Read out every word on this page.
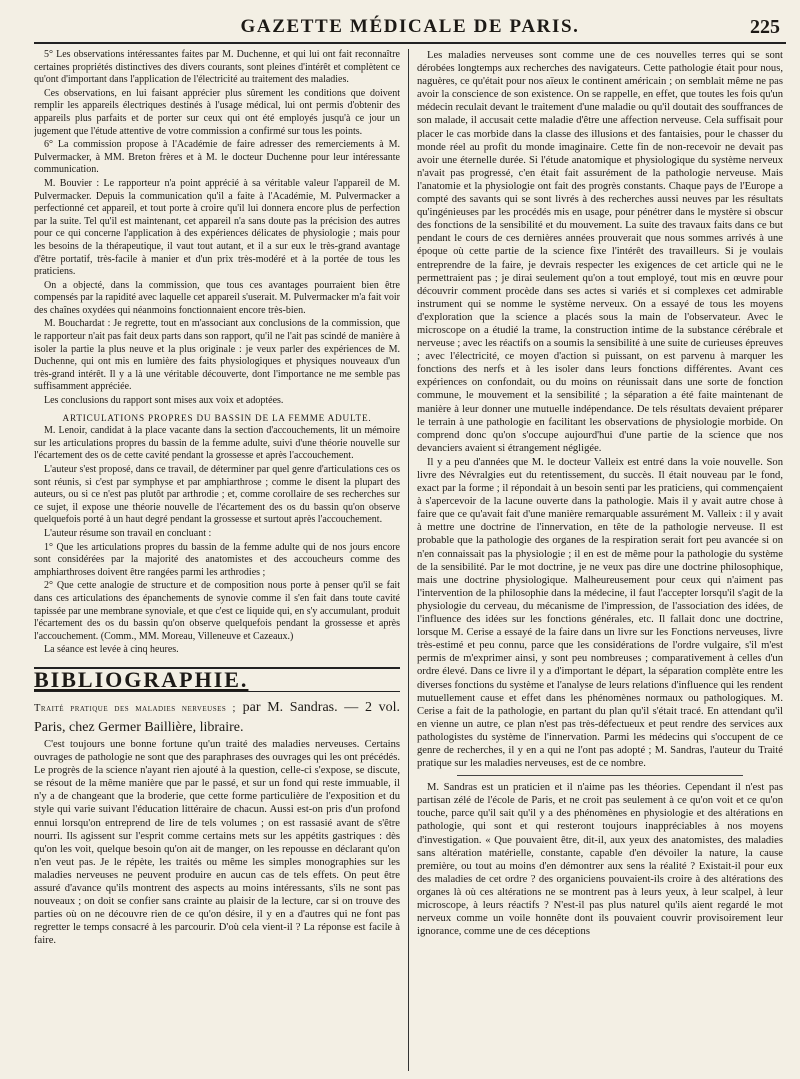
GAZETTE MÉDICALE DE PARIS.	225

5° Les observations intéressantes faites par M. Duchenne, et qui lui ont fait reconnaître certaines propriétés distinctives des divers courants, sont pleines d'intérêt et complètent ce qu'ont d'important dans l'application de l'électricité au traitement des maladies.

Ces observations, en lui faisant apprécier plus sûrement les conditions que doivent remplir les appareils électriques destinés à l'usage médical, lui ont permis d'obtenir des appareils plus parfaits et de porter sur ceux qui ont été employés jusqu'à ce jour un jugement que l'étude attentive de votre commission a confirmé sur tous les points.

6° La commission propose à l'Académie de faire adresser des remerciements à M. Pulvermacker, à MM. Breton frères et à M. le docteur Duchenne pour leur intéressante communication.

M. Bouvier : Le rapporteur n'a point apprécié à sa véritable valeur l'appareil de M. Pulvermacker. Depuis la communication qu'il a faite à l'Académie, M. Pulvermacker a perfectionné cet appareil, et tout porte à croire qu'il lui donnera encore plus de perfection par la suite. Tel qu'il est maintenant, cet appareil n'a sans doute pas la précision des autres pour ce qui concerne l'application à des expériences délicates de physiologie ; mais pour les besoins de la thérapeutique, il vaut tout autant, et il a sur eux le très-grand avantage d'être portatif, très-facile à manier et d'un prix très-modéré et à la portée de tous les praticiens.

On a objecté, dans la commission, que tous ces avantages pourraient bien être compensés par la rapidité avec laquelle cet appareil s'userait. M. Pulvermacker m'a fait voir des chaînes oxydées qui néanmoins fonctionnaient encore très-bien.

M. Bouchardat : Je regrette, tout en m'associant aux conclusions de la commission, que le rapporteur n'ait pas fait deux parts dans son rapport, qu'il ne l'ait pas scindé de manière à isoler la partie la plus neuve et la plus originale : je veux parler des expériences de M. Duchenne, qui ont mis en lumière des faits physiologiques et physiques nouveaux d'un très-grand intérêt. Il y a là une véritable découverte, dont l'importance ne me semble pas suffisamment appréciée.

Les conclusions du rapport sont mises aux voix et adoptées.

ARTICULATIONS PROPRES DU BASSIN DE LA FEMME ADULTE.

M. Lenoir, candidat à la place vacante dans la section d'accouchements, lit un mémoire sur les articulations propres du bassin de la femme adulte, suivi d'une théorie nouvelle sur l'écartement des os de cette cavité pendant la grossesse et après l'accouchement.

L'auteur s'est proposé, dans ce travail, de déterminer par quel genre d'articulations ces os sont réunis, si c'est par symphyse et par amphiarthrose ; comme le disent la plupart des auteurs, ou si ce n'est pas plutôt par arthrodie ; et, comme corollaire de ses recherches sur ce sujet, il expose une théorie nouvelle de l'écartement des os du bassin qu'on observe quelquefois porté à un haut degré pendant la grossesse et surtout après l'accouchement.

L'auteur résume son travail en concluant :

1° Que les articulations propres du bassin de la femme adulte qui de nos jours encore sont considérées par la majorité des anatomistes et des accoucheurs comme des amphiarthroses doivent être rangées parmi les arthrodies ;

2° Que cette analogie de structure et de composition nous porte à penser qu'il se fait dans ces articulations des épanchements de synovie comme il s'en fait dans toute cavité tapissée par une membrane synoviale, et que c'est ce liquide qui, en s'y accumulant, produit l'écartement des os du bassin qu'on observe quelquefois pendant la grossesse et après l'accouchement. (Comm., MM. Moreau, Villeneuve et Cazeaux.)

La séance est levée à cinq heures.

BIBLIOGRAPHIE.

Traité pratique des maladies nerveuses ; par M. Sandras. — 2 vol. Paris, chez Germer Baillière, libraire.

C'est toujours une bonne fortune qu'un traité des maladies nerveuses. Certains ouvrages de pathologie ne sont que des paraphrases des ouvrages qui les ont précédés. Le progrès de la science n'ayant rien ajouté à la question, celle-ci s'expose, se discute, se résout de la même manière que par le passé, et sur un fond qui reste immuable, il n'y a de changeant que la broderie, que cette forme particulière de l'exposition et du style qui varie suivant l'éducation littéraire de chacun. Aussi est-on pris d'un profond ennui lorsqu'on entreprend de lire de tels volumes ; on est rassasié avant de s'être nourri. Ils agissent sur l'esprit comme certains mets sur les appétits gastriques : dès qu'on les voit, quelque besoin qu'on ait de manger, on les repousse en déclarant qu'on n'en veut pas. Je le répète, les traités ou même les simples monographies sur les maladies nerveuses ne peuvent produire en aucun cas de tels effets. On peut être assuré d'avance qu'ils montrent des aspects au moins intéressants, s'ils ne sont pas nouveaux ; on doit se confier sans crainte au plaisir de la lecture, car si on trouve des parties où on ne découvre rien de ce qu'on désire, il y en a d'autres qui ne font pas regretter le temps consacré à les parcourir. D'où cela vient-il ? La réponse est facile à faire.

Les maladies nerveuses sont comme une de ces nouvelles terres qui se sont dérobées longtemps aux recherches des navigateurs. Cette pathologie était pour nous, naguères, ce qu'était pour nos aïeux le continent américain ; on semblait même ne pas avoir la conscience de son existence. On se rappelle, en effet, que toutes les fois qu'un médecin reculait devant le traitement d'une maladie ou qu'il doutait des souffrances de son malade, il accusait cette maladie d'être une affection nerveuse. Cela suffisait pour placer le cas morbide dans la classe des illusions et des fantaisies, pour le chasser du monde réel au profit du monde imaginaire. Cette fin de non-recevoir ne devait pas avoir une éternelle durée. Si l'étude anatomique et physiologique du système nerveux n'avait pas progressé, c'en était fait assurément de la pathologie nerveuse. Mais l'anatomie et la physiologie ont fait des progrès constants. Chaque pays de l'Europe a compté des savants qui se sont livrés à des recherches aussi neuves par les résultats qu'ingénieuses par les procédés mis en usage, pour pénétrer dans le mystère si obscur des fonctions de la sensibilité et du mouvement. La suite des travaux faits dans ce but pendant le cours de ces dernières années prouverait que nous sommes arrivés à une époque où cette partie de la science fixe l'intérêt des travailleurs. Si je voulais entreprendre de la faire, je devrais respecter les exigences de cet article qui ne le permettraient pas ; je dirai seulement qu'on a tout employé, tout mis en œuvre pour découvrir comment procède dans ses actes si variés et si complexes cet admirable instrument qui se nomme le système nerveux. On a essayé de tous les moyens d'exploration que la science a placés sous la main de l'observateur. Avec le microscope on a étudié la trame, la construction intime de la substance cérébrale et nerveuse ; avec les réactifs on a soumis la sensibilité à une suite de curieuses épreuves ; avec l'électricité, ce moyen d'action si puissant, on est parvenu à marquer les fonctions des nerfs et à les isoler dans leurs fonctions différentes. Avant ces expériences on confondait, ou du moins on réunissait dans une sorte de fonction commune, le mouvement et la sensibilité ; la séparation a été faite maintenant de manière à leur donner une mutuelle indépendance. De tels résultats devaient préparer le terrain à une pathologie en facilitant les observations de physiologie morbide. On comprend donc qu'on s'occupe aujourd'hui d'une partie de la science que nos devanciers avaient si étrangement négligée.

Il y a peu d'années que M. le docteur Valleix est entré dans la voie nouvelle. Son livre des Névralgies eut du retentissement, du succès. Il était nouveau par le fond, exact par la forme ; il répondait à un besoin senti par les praticiens, qui commençaient à s'apercevoir de la lacune ouverte dans la pathologie. Mais il y avait autre chose à faire que ce qu'avait fait d'une manière remarquable assurément M. Valleix : il y avait à mettre une doctrine de l'innervation, en tête de la pathologie nerveuse. Il est probable que la pathologie des organes de la respiration serait fort peu avancée si on n'en connaissait pas la physiologie ; il en est de même pour la pathologie du système de la sensibilité. Par le mot doctrine, je ne veux pas dire une doctrine philosophique, mais une doctrine physiologique. Malheureusement pour ceux qui n'aiment pas l'intervention de la philosophie dans la médecine, il faut l'accepter lorsqu'il s'agit de la physiologie du cerveau, du mécanisme de l'impression, de l'association des idées, de l'influence des idées sur les fonctions générales, etc. Il fallait donc une doctrine, lorsque M. Cerise a essayé de la faire dans un livre sur les Fonctions nerveuses, livre très-estimé et peu connu, parce que les considérations de l'ordre vulgaire, s'il m'est permis de m'exprimer ainsi, y sont peu nombreuses ; comparativement à celles d'un ordre élevé. Dans ce livre il y a d'important le départ, la séparation complète entre les diverses fonctions du système et l'analyse de leurs relations d'influence qui les rendent mutuellement cause et effet dans les phénomènes normaux ou pathologiques. M. Cerise a fait de la pathologie, en partant du plan qu'il s'était tracé. En attendant qu'il en vienne un autre, ce plan n'est pas très-défectueux et peut rendre des services aux pathologistes du système de l'innervation. Parmi les médecins qui s'occupent de ce genre de recherches, il y en a qui ne l'ont pas adopté ; M. Sandras, l'auteur du Traité pratique sur les maladies nerveuses, est de ce nombre.

M. Sandras est un praticien et il n'aime pas les théories. Cependant il n'est pas partisan zélé de l'école de Paris, et ne croit pas seulement à ce qu'on voit et ce qu'on touche, parce qu'il sait qu'il y a des phénomènes en physiologie et des altérations en pathologie, qui sont et qui resteront toujours inappréciables à nos moyens d'investigation. « Que pouvaient être, dit-il, aux yeux des anatomistes, des maladies sans altération matérielle, constante, capable d'en dévoiler la nature, la cause première, ou tout au moins d'en démontrer aux sens la réalité ? Existait-il pour eux des maladies de cet ordre ? des organiciens pouvaient-ils croire à des altérations des organes là où ces altérations ne se montrent pas à leurs yeux, à leur scalpel, à leur microscope, à leurs réactifs ? N'est-il pas plus naturel qu'ils aient regardé le mot nerveux comme un voile honnête dont ils pouvaient couvrir provisoirement leur ignorance, comme une de ces déceptions
